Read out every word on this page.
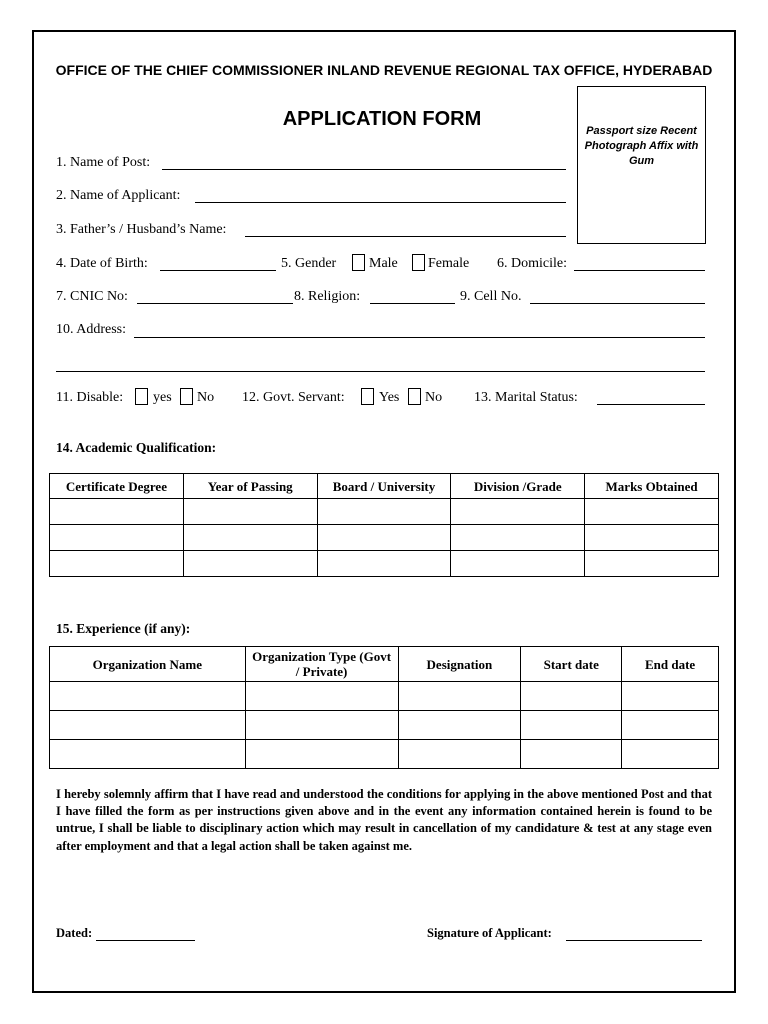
OFFICE OF THE CHIEF COMMISSIONER INLAND REVENUE REGIONAL TAX OFFICE, HYDERABAD
APPLICATION FORM
Passport size Recent Photograph Affix with Gum
1. Name of Post:
2. Name of Applicant:
3. Father’s / Husband’s Name:
4. Date of Birth:	5. Gender Male Female 6. Domicile:
7. CNIC No:	8. Religion:	9. Cell No.
10. Address:
11. Disable: yes No 12. Govt. Servant: Yes No 13. Marital Status:
14. Academic Qualification:
Certificate Degree	Year of Passing	Board / University	Division /Grade	Marks Obtained

15. Experience (if any):
Organization Name	Organization Type (Govt / Private)	Designation	Start date	End date

I hereby solemnly affirm that I have read and understood the conditions for applying in the above mentioned Post and that I have filled the form as per instructions given above and in the event any information contained herein is found to be untrue, I shall be liable to disciplinary action which may result in cancellation of my candidature & test at any stage even after employment and that a legal action shall be taken against me.
Dated:	Signature of Applicant:
